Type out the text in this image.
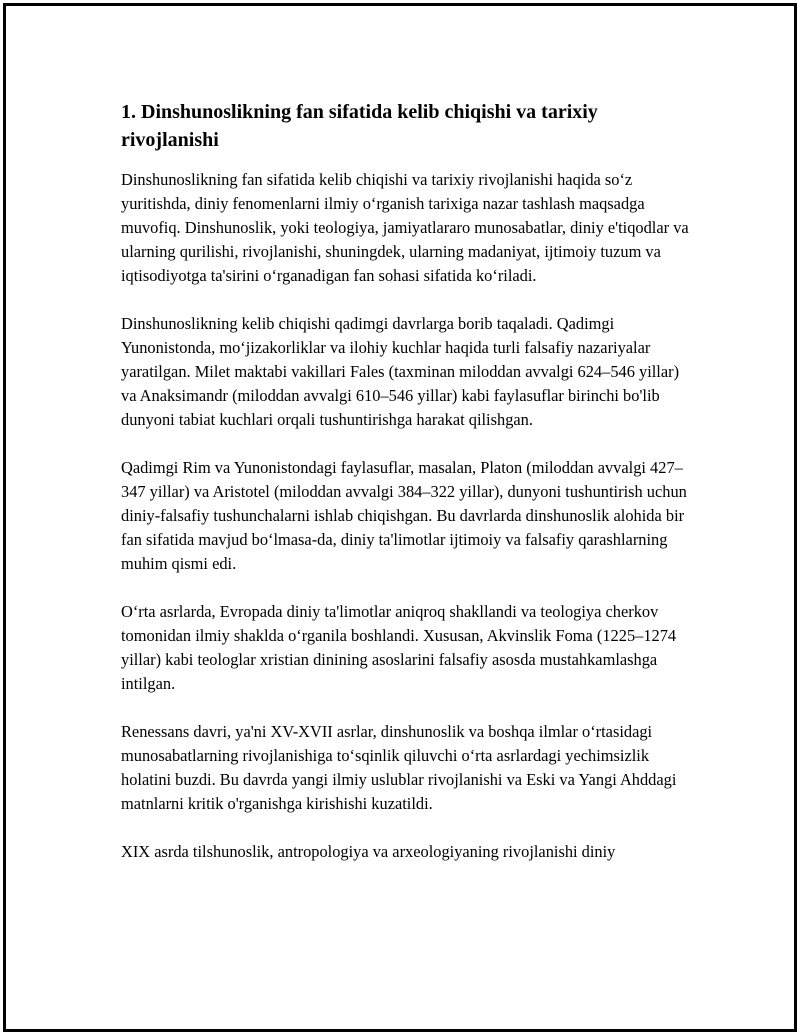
1. Dinshunoslikning fan sifatida kelib chiqishi va tarixiy rivojlanishi

Dinshunoslikning fan sifatida kelib chiqishi va tarixiy rivojlanishi haqida so‘z yuritishda, diniy fenomenlarni ilmiy o‘rganish tarixiga nazar tashlash maqsadga muvofiq. Dinshunoslik, yoki teologiya, jamiyatlararo munosabatlar, diniy e'tiqodlar va ularning qurilishi, rivojlanishi, shuningdek, ularning madaniyat, ijtimoiy tuzum va iqtisodiyotga ta'sirini o‘rganadigan fan sohasi sifatida ko‘riladi.

Dinshunoslikning kelib chiqishi qadimgi davrlarga borib taqaladi. Qadimgi Yunonistonda, mo‘jizakorliklar va ilohiy kuchlar haqida turli falsafiy nazariyalar yaratilgan. Milet maktabi vakillari Fales (taxminan miloddan avvalgi 624–546 yillar) va Anaksimandr (miloddan avvalgi 610–546 yillar) kabi faylasuflar birinchi bo'lib dunyoni tabiat kuchlari orqali tushuntirishga harakat qilishgan.

Qadimgi Rim va Yunonistondagi faylasuflar, masalan, Platon (miloddan avvalgi 427–347 yillar) va Aristotel (miloddan avvalgi 384–322 yillar), dunyoni tushuntirish uchun diniy-falsafiy tushunchalarni ishlab chiqishgan. Bu davrlarda dinshunoslik alohida bir fan sifatida mavjud bo‘lmasa-da, diniy ta'limotlar ijtimoiy va falsafiy qarashlarning muhim qismi edi.

O‘rta asrlarda, Evropada diniy ta'limotlar aniqroq shakllandi va teologiya cherkov tomonidan ilmiy shaklda o‘rganila boshlandi. Xususan, Akvinslik Foma (1225–1274 yillar) kabi teologlar xristian dinining asoslarini falsafiy asosda mustahkamlashga intilgan.

Renessans davri, ya'ni XV-XVII asrlar, dinshunoslik va boshqa ilmlar o‘rtasidagi munosabatlarning rivojlanishiga to‘sqinlik qiluvchi o‘rta asrlardagi yechimsizlik holatini buzdi. Bu davrda yangi ilmiy uslublar rivojlanishi va Eski va Yangi Ahddagi matnlarni kritik o'rganishga kirishishi kuzatildi.

XIX asrda tilshunoslik, antropologiya va arxeologiyaning rivojlanishi diniy
